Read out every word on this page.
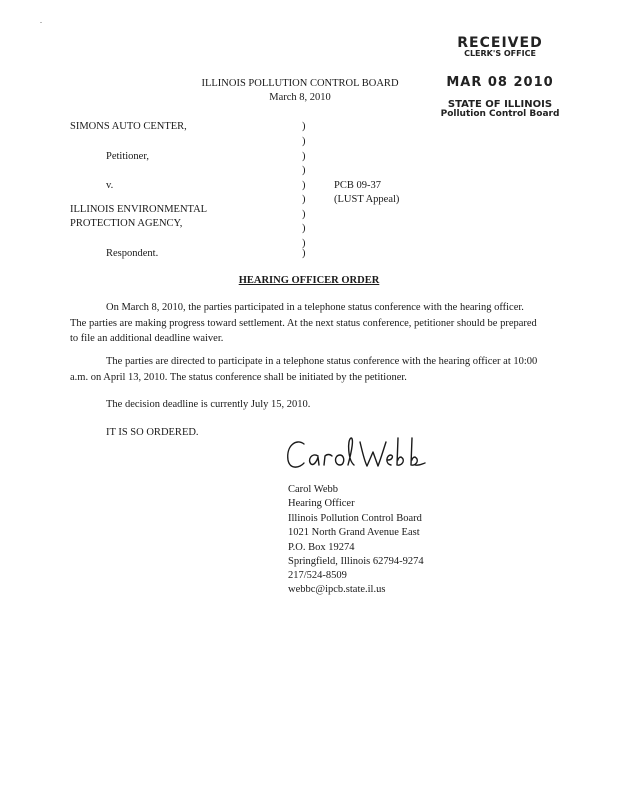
-
RECEIVED
CLERK'S OFFICE
MAR 08 2010
STATE OF ILLINOIS
Pollution Control Board
ILLINOIS POLLUTION CONTROL BOARD
March 8, 2010
SIMONS AUTO CENTER,
Petitioner,
v.
ILLINOIS ENVIRONMENTAL
PROTECTION AGENCY,
Respondent.
)
)
)
)
)
)
)
)
)
)
PCB 09-37
(LUST Appeal)
HEARING OFFICER ORDER
On March 8, 2010, the parties participated in a telephone status conference with the hearing officer. The parties are making progress toward settlement. At the next status conference, petitioner should be prepared to file an additional deadline waiver.
The parties are directed to participate in a telephone status conference with the hearing officer at 10:00 a.m. on April 13, 2010. The status conference shall be initiated by the petitioner.
The decision deadline is currently July 15, 2010.
IT IS SO ORDERED.
Carol Webb
Hearing Officer
Illinois Pollution Control Board
1021 North Grand Avenue East
P.O. Box 19274
Springfield, Illinois 62794-9274
217/524-8509
webbc@ipcb.state.il.us
